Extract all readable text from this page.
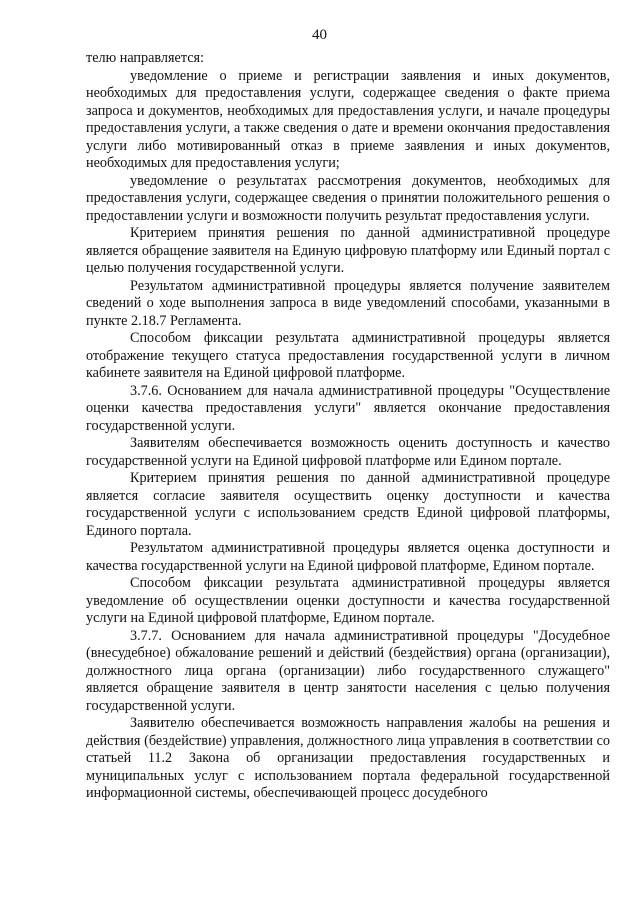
40

телю направляется:

уведомление о приеме и регистрации заявления и иных документов, необходимых для предоставления услуги, содержащее сведения о факте приема запроса и документов, необходимых для предоставления услуги, и начале процедуры предоставления услуги, а также сведения о дате и времени окончания предоставления услуги либо мотивированный отказ в приеме заявления и иных документов, необходимых для предоставления услуги;

уведомление о результатах рассмотрения документов, необходимых для предоставления услуги, содержащее сведения о принятии положительного решения о предоставлении услуги и возможности получить результат предоставления услуги.

Критерием принятия решения по данной административной процедуре является обращение заявителя на Единую цифровую платформу или Единый портал с целью получения государственной услуги.

Результатом административной процедуры является получение заявителем сведений о ходе выполнения запроса в виде уведомлений способами, указанными в пункте 2.18.7 Регламента.

Способом фиксации результата административной процедуры является отображение текущего статуса предоставления государственной услуги в личном кабинете заявителя на Единой цифровой платформе.

3.7.6. Основанием для начала административной процедуры "Осуществление оценки качества предоставления услуги" является окончание предоставления государственной услуги.

Заявителям обеспечивается возможность оценить доступность и качество государственной услуги на Единой цифровой платформе или Едином портале.

Критерием принятия решения по данной административной процедуре является согласие заявителя осуществить оценку доступности и качества государственной услуги с использованием средств Единой цифровой платформы, Единого портала.

Результатом административной процедуры является оценка доступности и качества государственной услуги на Единой цифровой платформе, Едином портале.

Способом фиксации результата административной процедуры является уведомление об осуществлении оценки доступности и качества государственной услуги на Единой цифровой платформе, Едином портале.

3.7.7. Основанием для начала административной процедуры "Досудебное (внесудебное) обжалование решений и действий (бездействия) органа (организации), должностного лица органа (организации) либо государственного служащего" является обращение заявителя в центр занятости населения с целью получения государственной услуги.

Заявителю обеспечивается возможность направления жалобы на решения и действия (бездействие) управления, должностного лица управления в соответствии со статьей 11.2 Закона об организации предоставления государственных и муниципальных услуг с использованием портала федеральной государственной информационной системы, обеспечивающей процесс досудебного
